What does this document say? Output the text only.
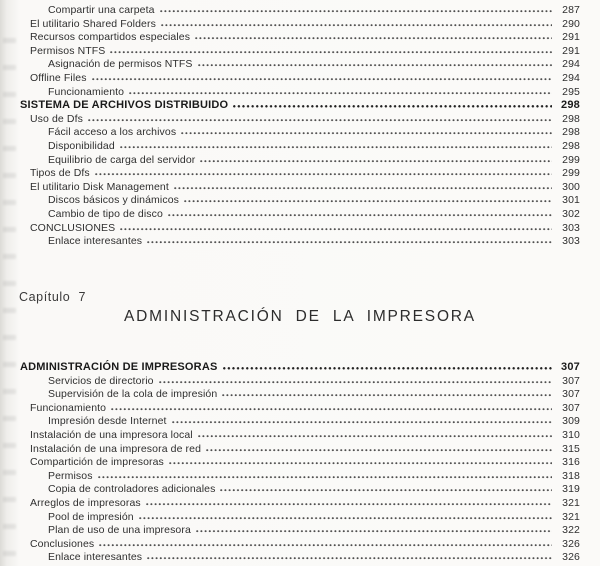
Compartir una carpeta	287
El utilitario Shared Folders	290
Recursos compartidos especiales	291
Permisos NTFS	291
Asignación de permisos NTFS	294
Offline Files	294
Funcionamiento	295
SISTEMA DE ARCHIVOS DISTRIBUIDO	298
Uso de Dfs	298
Fácil acceso a los archivos	298
Disponibilidad	298
Equilibrio de carga del servidor	299
Tipos de Dfs	299
El utilitario Disk Management	300
Discos básicos y dinámicos	301
Cambio de tipo de disco	302
CONCLUSIONES	303
Enlace interesantes	303
Capítulo  7
ADMINISTRACIÓN DE LA IMPRESORA
ADMINISTRACIÓN DE IMPRESORAS	307
Servicios de directorio	307
Supervisión de la cola de impresión	307
Funcionamiento	307
Impresión desde Internet	309
Instalación de una impresora local	310
Instalación de una impresora de red	315
Compartición de impresoras	316
Permisos	318
Copia de controladores adicionales	319
Arreglos de impresoras	321
Pool de impresión	321
Plan de uso de una impresora	322
Conclusiones	326
Enlace interesantes	326
